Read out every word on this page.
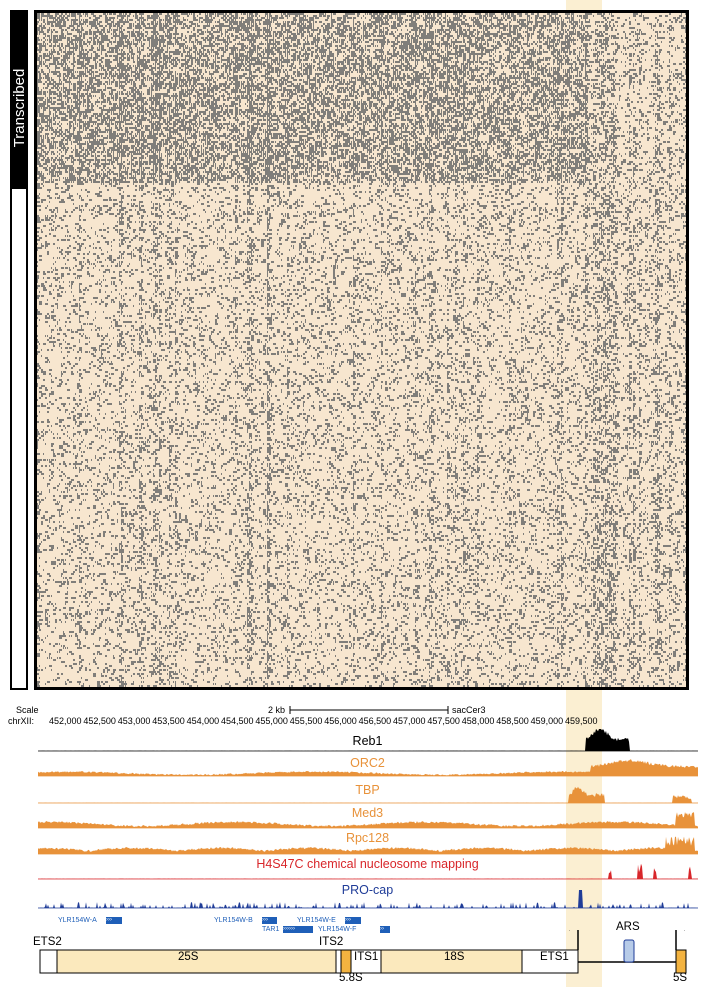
Transcribed
Scale
chrXII:
2 kb	sacCer3
452,000 452,500 453,000 453,500 454,000 454,500 455,000 455,500 456,000 456,500 457,000 457,500 458,000 458,500 459,000 459,500
Reb1
ORC2
TBP
Med3
Rpc128
H4S47C chemical nucleosome mapping
PRO-cap
YLR154W-A ›››	YLR154W-B ›››
TAR1 ››››››
YLR154W-E ›››
YLR154W-F	››
ETS2
25S
ITS2
5.8S
ITS1	18S	ETS1
ARS
5S
